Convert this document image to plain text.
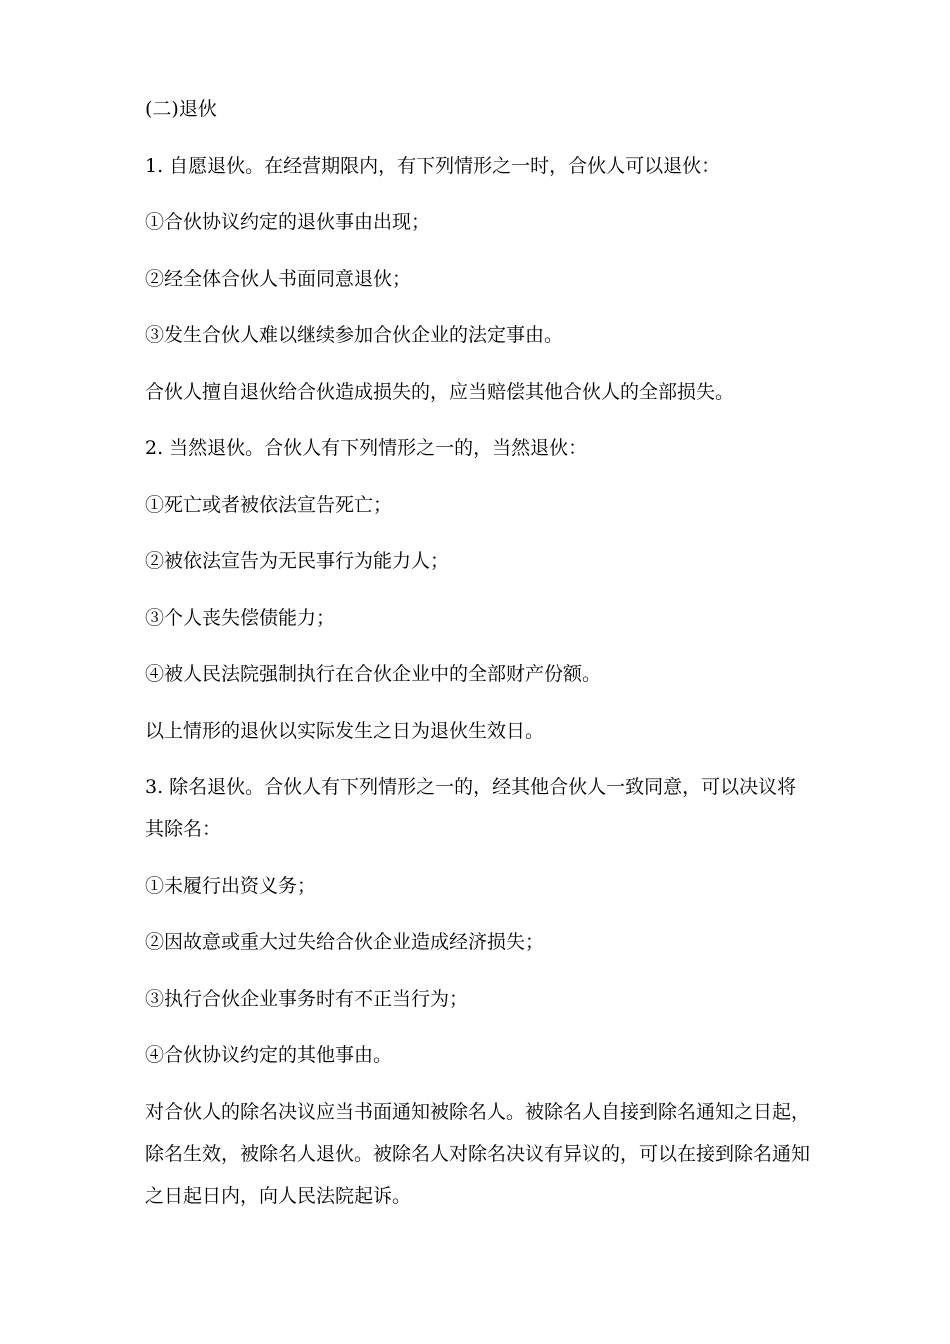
(二)退伙

1. 自愿退伙。在经营期限内，有下列情形之一时，合伙人可以退伙：

①合伙协议约定的退伙事由出现；

②经全体合伙人书面同意退伙；

③发生合伙人难以继续参加合伙企业的法定事由。

合伙人擅自退伙给合伙造成损失的，应当赔偿其他合伙人的全部损失。

2. 当然退伙。合伙人有下列情形之一的，当然退伙：

①死亡或者被依法宣告死亡；

②被依法宣告为无民事行为能力人；

③个人丧失偿债能力；

④被人民法院强制执行在合伙企业中的全部财产份额。

以上情形的退伙以实际发生之日为退伙生效日。

3. 除名退伙。合伙人有下列情形之一的，经其他合伙人一致同意，可以决议将其除名：

①未履行出资义务；

②因故意或重大过失给合伙企业造成经济损失；

③执行合伙企业事务时有不正当行为；

④合伙协议约定的其他事由。

对合伙人的除名决议应当书面通知被除名人。被除名人自接到除名通知之日起，除名生效，被除名人退伙。被除名人对除名决议有异议的，可以在接到除名通知之日起日内，向人民法院起诉。
